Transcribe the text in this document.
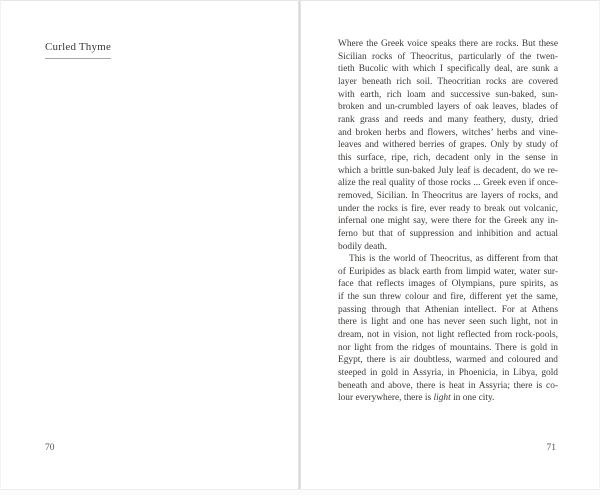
Curled Thyme
70
Where the Greek voice speaks there are rocks. But these
Sicilian rocks of Theocritus, particularly of the twen-
tieth Bucolic with which I specifically deal, are sunk a
layer beneath rich soil. Theocritian rocks are covered
with earth, rich loam and successive sun-baked, sun-
broken and un-crumbled layers of oak leaves, blades of
rank grass and reeds and many feathery, dusty, dried
and broken herbs and flowers, witches’ herbs and vine-
leaves and withered berries of grapes. Only by study of
this surface, ripe, rich, decadent only in the sense in
which a brittle sun-baked July leaf is decadent, do we re-
alize the real quality of those rocks ... Greek even if once-
removed, Sicilian. In Theocritus are layers of rocks, and
under the rocks is fire, ever ready to break out volcanic,
infernal one might say, were there for the Greek any in-
ferno but that of suppression and inhibition and actual
bodily death.
This is the world of Theocritus, as different from that
of Euripides as black earth from limpid water, water sur-
face that reflects images of Olympians, pure spirits, as
if the sun threw colour and fire, different yet the same,
passing through that Athenian intellect. For at Athens
there is light and one has never seen such light, not in
dream, not in vision, not light reflected from rock-pools,
nor light from the ridges of mountains. There is gold in
Egypt, there is air doubtless, warmed and coloured and
steeped in gold in Assyria, in Phoenicia, in Libya, gold
beneath and above, there is heat in Assyria; there is co-
lour everywhere, there is light in one city.
71
